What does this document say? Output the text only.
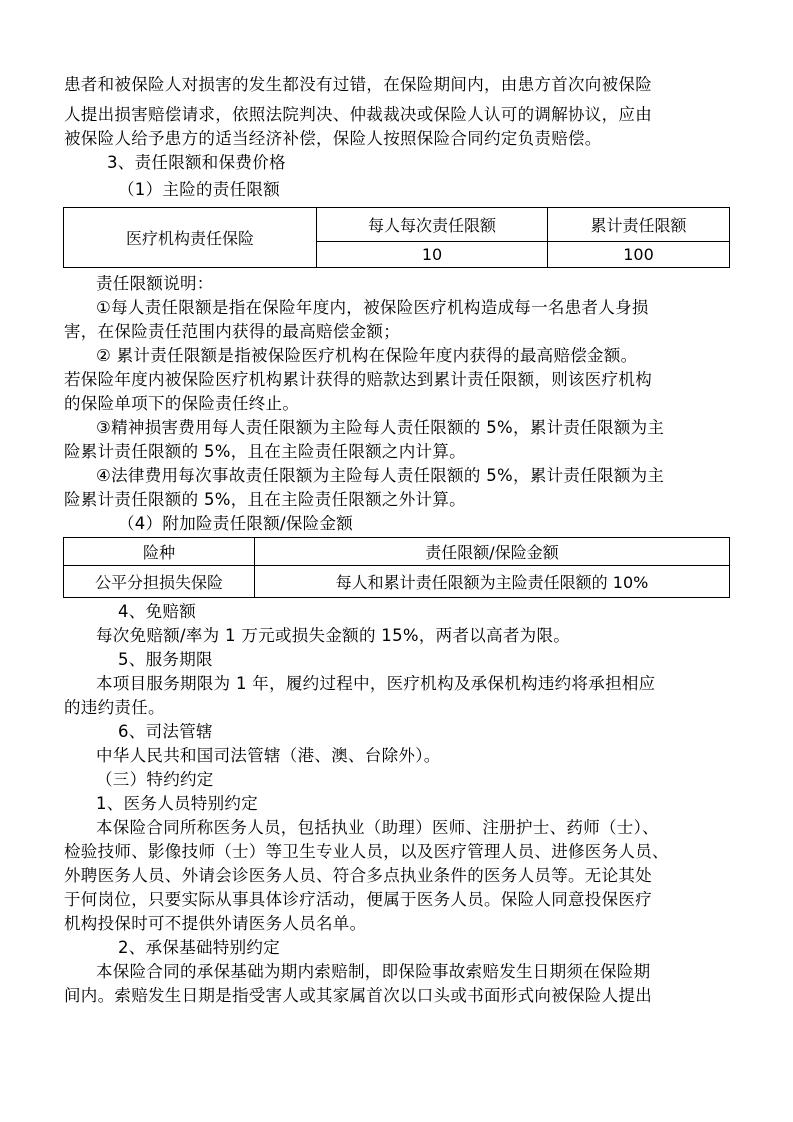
患者和被保险人对损害的发生都没有过错，在保险期间内，由患方首次向被保险
人提出损害赔偿请求，依照法院判决、仲裁裁决或保险人认可的调解协议，应由
被保险人给予患方的适当经济补偿，保险人按照保险合同约定负责赔偿。
3、责任限额和保费价格
（1）主险的责任限额
医疗机构责任保险	每人每次责任限额	累计责任限额
	10	100
责任限额说明：
①每人责任限额是指在保险年度内，被保险医疗机构造成每一名患者人身损
害，在保险责任范围内获得的最高赔偿金额；
② 累计责任限额是指被保险医疗机构在保险年度内获得的最高赔偿金额。
若保险年度内被保险医疗机构累计获得的赔款达到累计责任限额，则该医疗机构
的保险单项下的保险责任终止。
③精神损害费用每人责任限额为主险每人责任限额的 5%，累计责任限额为主
险累计责任限额的 5%，且在主险责任限额之内计算。
④法律费用每次事故责任限额为主险每人责任限额的 5%，累计责任限额为主
险累计责任限额的 5%，且在主险责任限额之外计算。
（4）附加险责任限额/保险金额
险种	责任限额/保险金额
公平分担损失保险	每人和累计责任限额为主险责任限额的 10%
4、免赔额
每次免赔额/率为 1 万元或损失金额的 15%，两者以高者为限。
5、服务期限
本项目服务期限为 1 年，履约过程中，医疗机构及承保机构违约将承担相应
的违约责任。
6、司法管辖
中华人民共和国司法管辖（港、澳、台除外）。
（三）特约约定
1、医务人员特别约定
本保险合同所称医务人员，包括执业（助理）医师、注册护士、药师（士）、
检验技师、影像技师（士）等卫生专业人员，以及医疗管理人员、进修医务人员、
外聘医务人员、外请会诊医务人员、符合多点执业条件的医务人员等。无论其处
于何岗位，只要实际从事具体诊疗活动，便属于医务人员。保险人同意投保医疗
机构投保时可不提供外请医务人员名单。
2、承保基础特别约定
本保险合同的承保基础为期内索赔制，即保险事故索赔发生日期须在保险期
间内。索赔发生日期是指受害人或其家属首次以口头或书面形式向被保险人提出
